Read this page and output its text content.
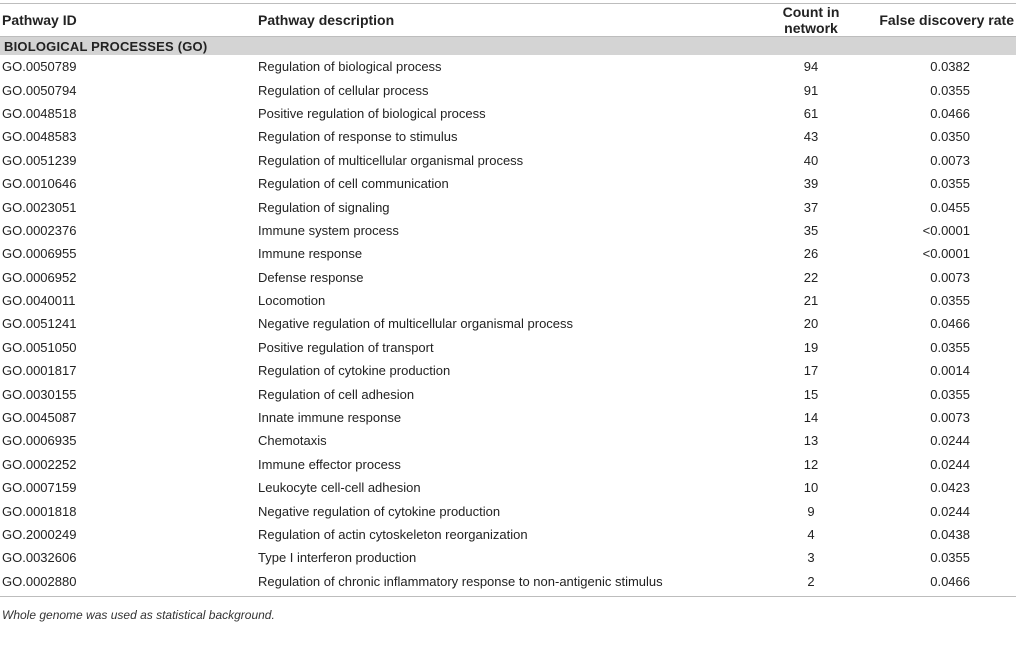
Pathway ID	Pathway description	Count in network	False discovery rate

BIOLOGICAL PROCESSES (GO)			
GO.0050789	Regulation of biological process	94	0.0382
GO.0050794	Regulation of cellular process	91	0.0355
GO.0048518	Positive regulation of biological process	61	0.0466
GO.0048583	Regulation of response to stimulus	43	0.0350
GO.0051239	Regulation of multicellular organismal process	40	0.0073
GO.0010646	Regulation of cell communication	39	0.0355
GO.0023051	Regulation of signaling	37	0.0455
GO.0002376	Immune system process	35	<0.0001
GO.0006955	Immune response	26	<0.0001
GO.0006952	Defense response	22	0.0073
GO.0040011	Locomotion	21	0.0355
GO.0051241	Negative regulation of multicellular organismal process	20	0.0466
GO.0051050	Positive regulation of transport	19	0.0355
GO.0001817	Regulation of cytokine production	17	0.0014
GO.0030155	Regulation of cell adhesion	15	0.0355
GO.0045087	Innate immune response	14	0.0073
GO.0006935	Chemotaxis	13	0.0244
GO.0002252	Immune effector process	12	0.0244
GO.0007159	Leukocyte cell-cell adhesion	10	0.0423
GO.0001818	Negative regulation of cytokine production	9	0.0244
GO.2000249	Regulation of actin cytoskeleton reorganization	4	0.0438
GO.0032606	Type I interferon production	3	0.0355
GO.0002880	Regulation of chronic inflammatory response to non-antigenic stimulus	2	0.0466
Whole genome was used as statistical background.
